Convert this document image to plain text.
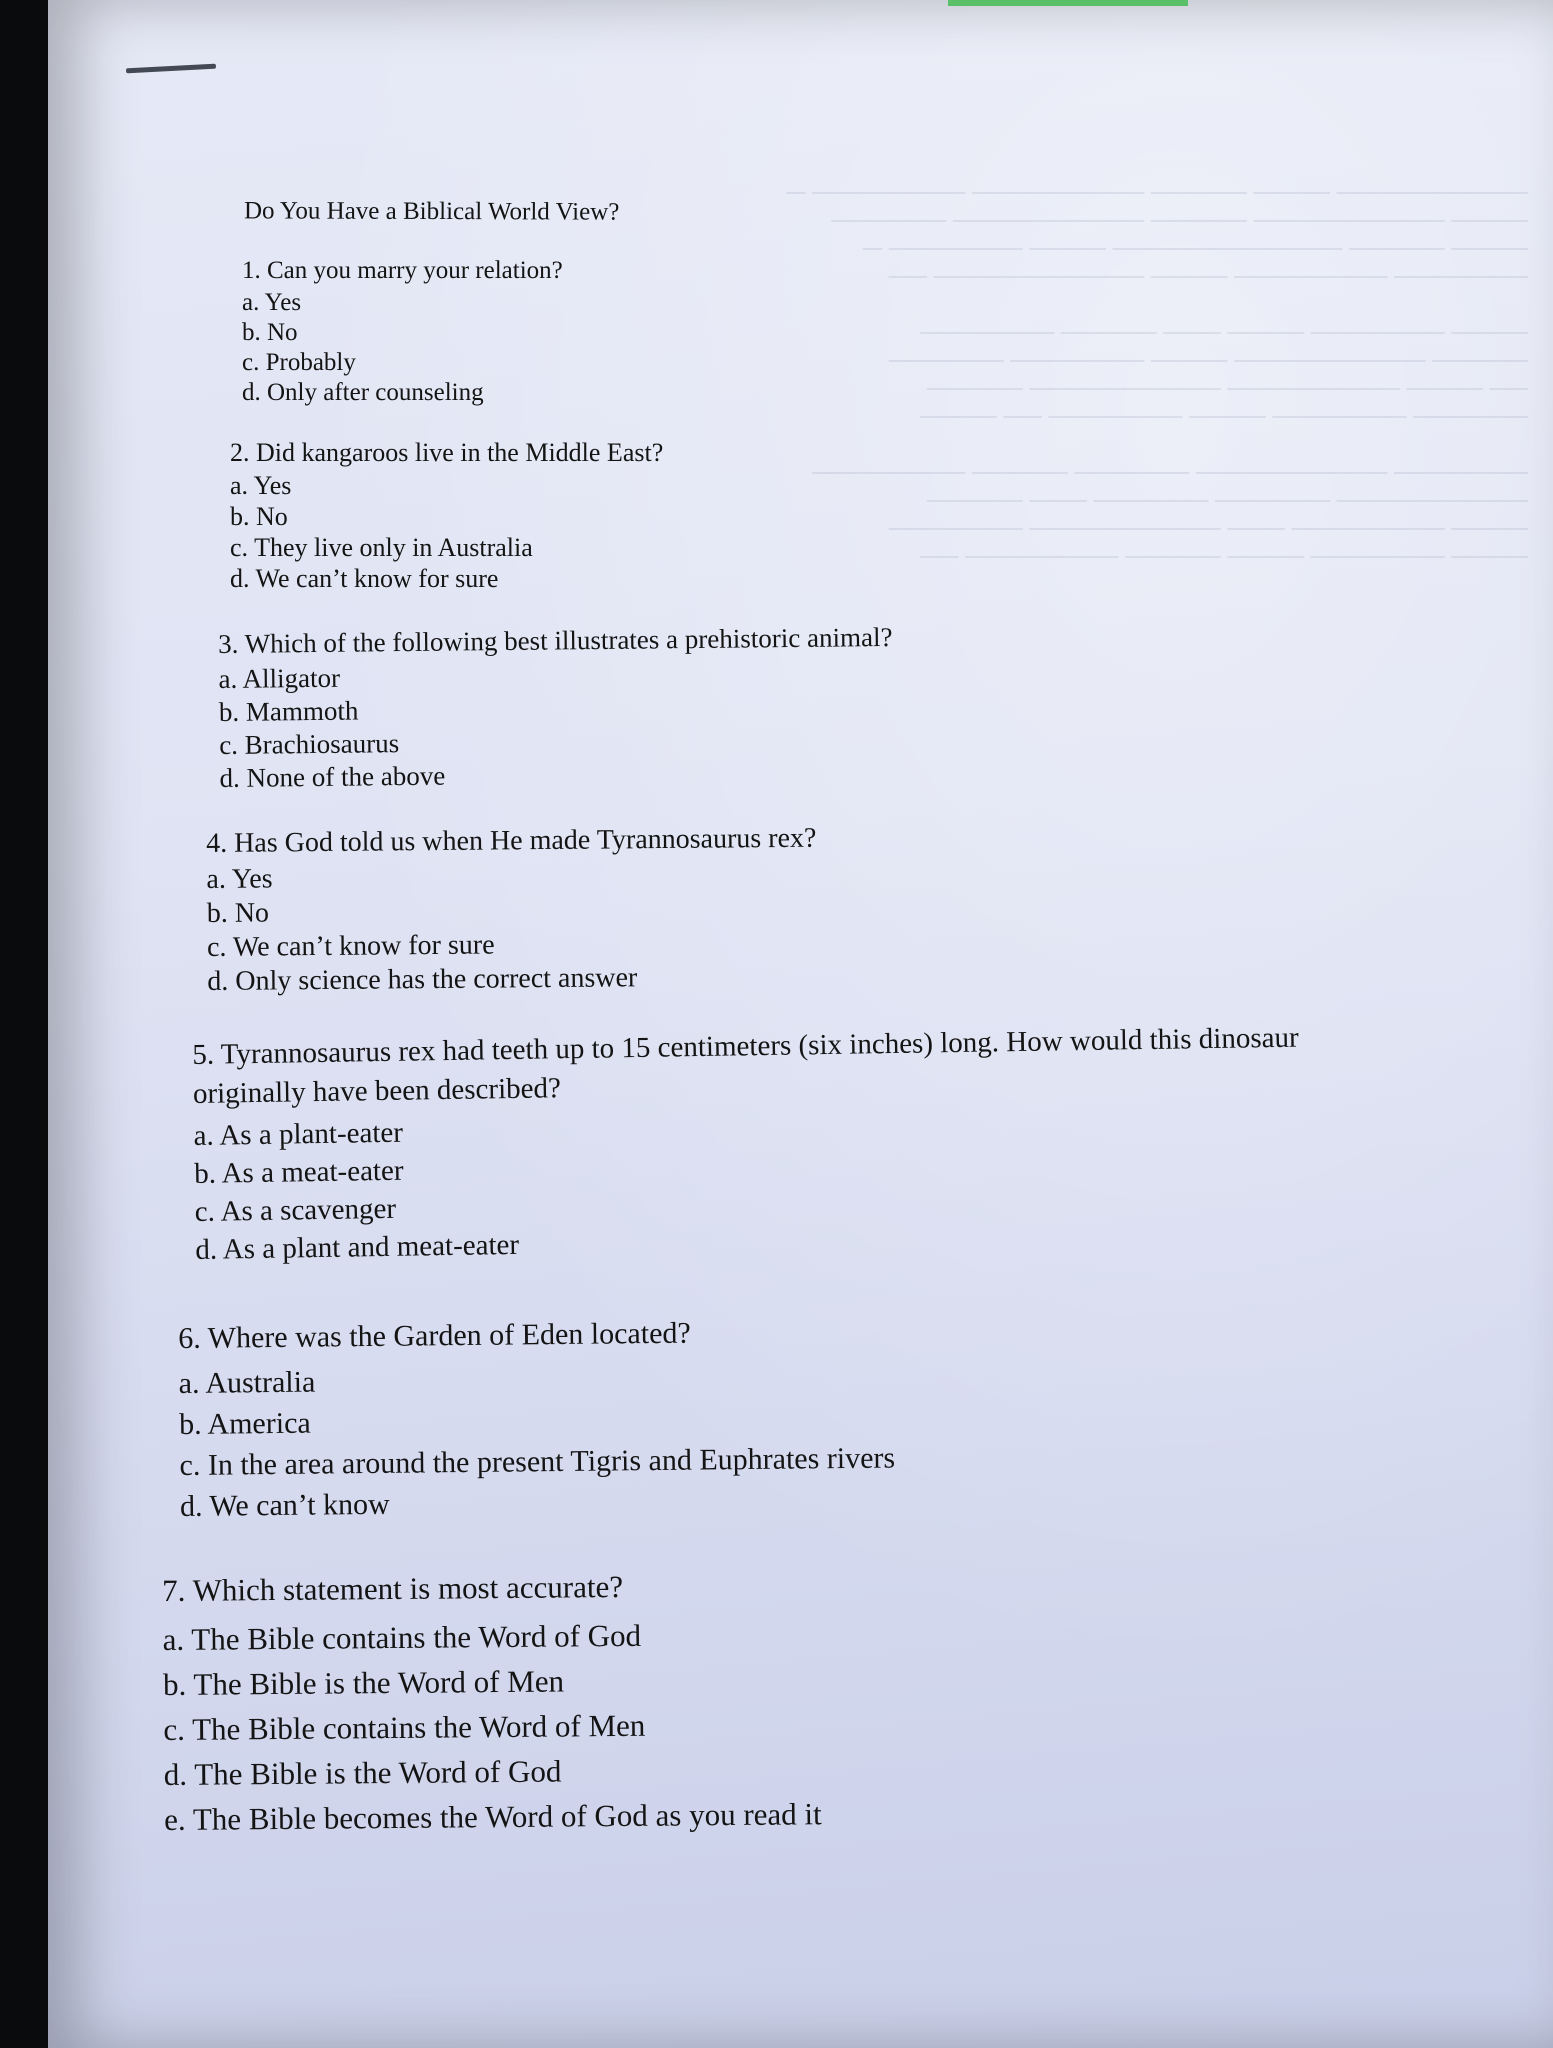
────────── ──── ───── ───────── ──────── ─
──── ────────── ───── ────────── ──────
──── ───── ──────────── ──── ─────── ─
─────── ──────── ──── ─────────── ──

──── ─────── ──── ─── ───── ───────
───── ────────── ──── ─────── ──────
── ──── ───────── ────────── ─────
────── ─────── ──── ─────── ── ────

─────── ────────── ────── ───── ────────
────────── ────── ────── ─── ─────
──── ──────── ─── ────────── ───────
──── ─────── ──── ───── ──────── ──

Do You Have a Biblical World View?
1. Can you marry your relation?
a. Yes
b. No
c. Probably
d. Only after counseling
2. Did kangaroos live in the Middle East?
a. Yes
b. No
c. They live only in Australia
d. We can’t know for sure
3. Which of the following best illustrates a prehistoric animal?
a. Alligator
b. Mammoth
c. Brachiosaurus
d. None of the above
4. Has God told us when He made Tyrannosaurus rex?
a. Yes
b. No
c. We can’t know for sure
d. Only science has the correct answer
5. Tyrannosaurus rex had teeth up to 15 centimeters (six inches) long. How would this dinosaur
originally have been described?
a. As a plant-eater
b. As a meat-eater
c. As a scavenger
d. As a plant and meat-eater
6. Where was the Garden of Eden located?
a. Australia
b. America
c. In the area around the present Tigris and Euphrates rivers
d. We can’t know
7. Which statement is most accurate?
a. The Bible contains the Word of God
b. The Bible is the Word of Men
c. The Bible contains the Word of Men
d. The Bible is the Word of God
e. The Bible becomes the Word of God as you read it
